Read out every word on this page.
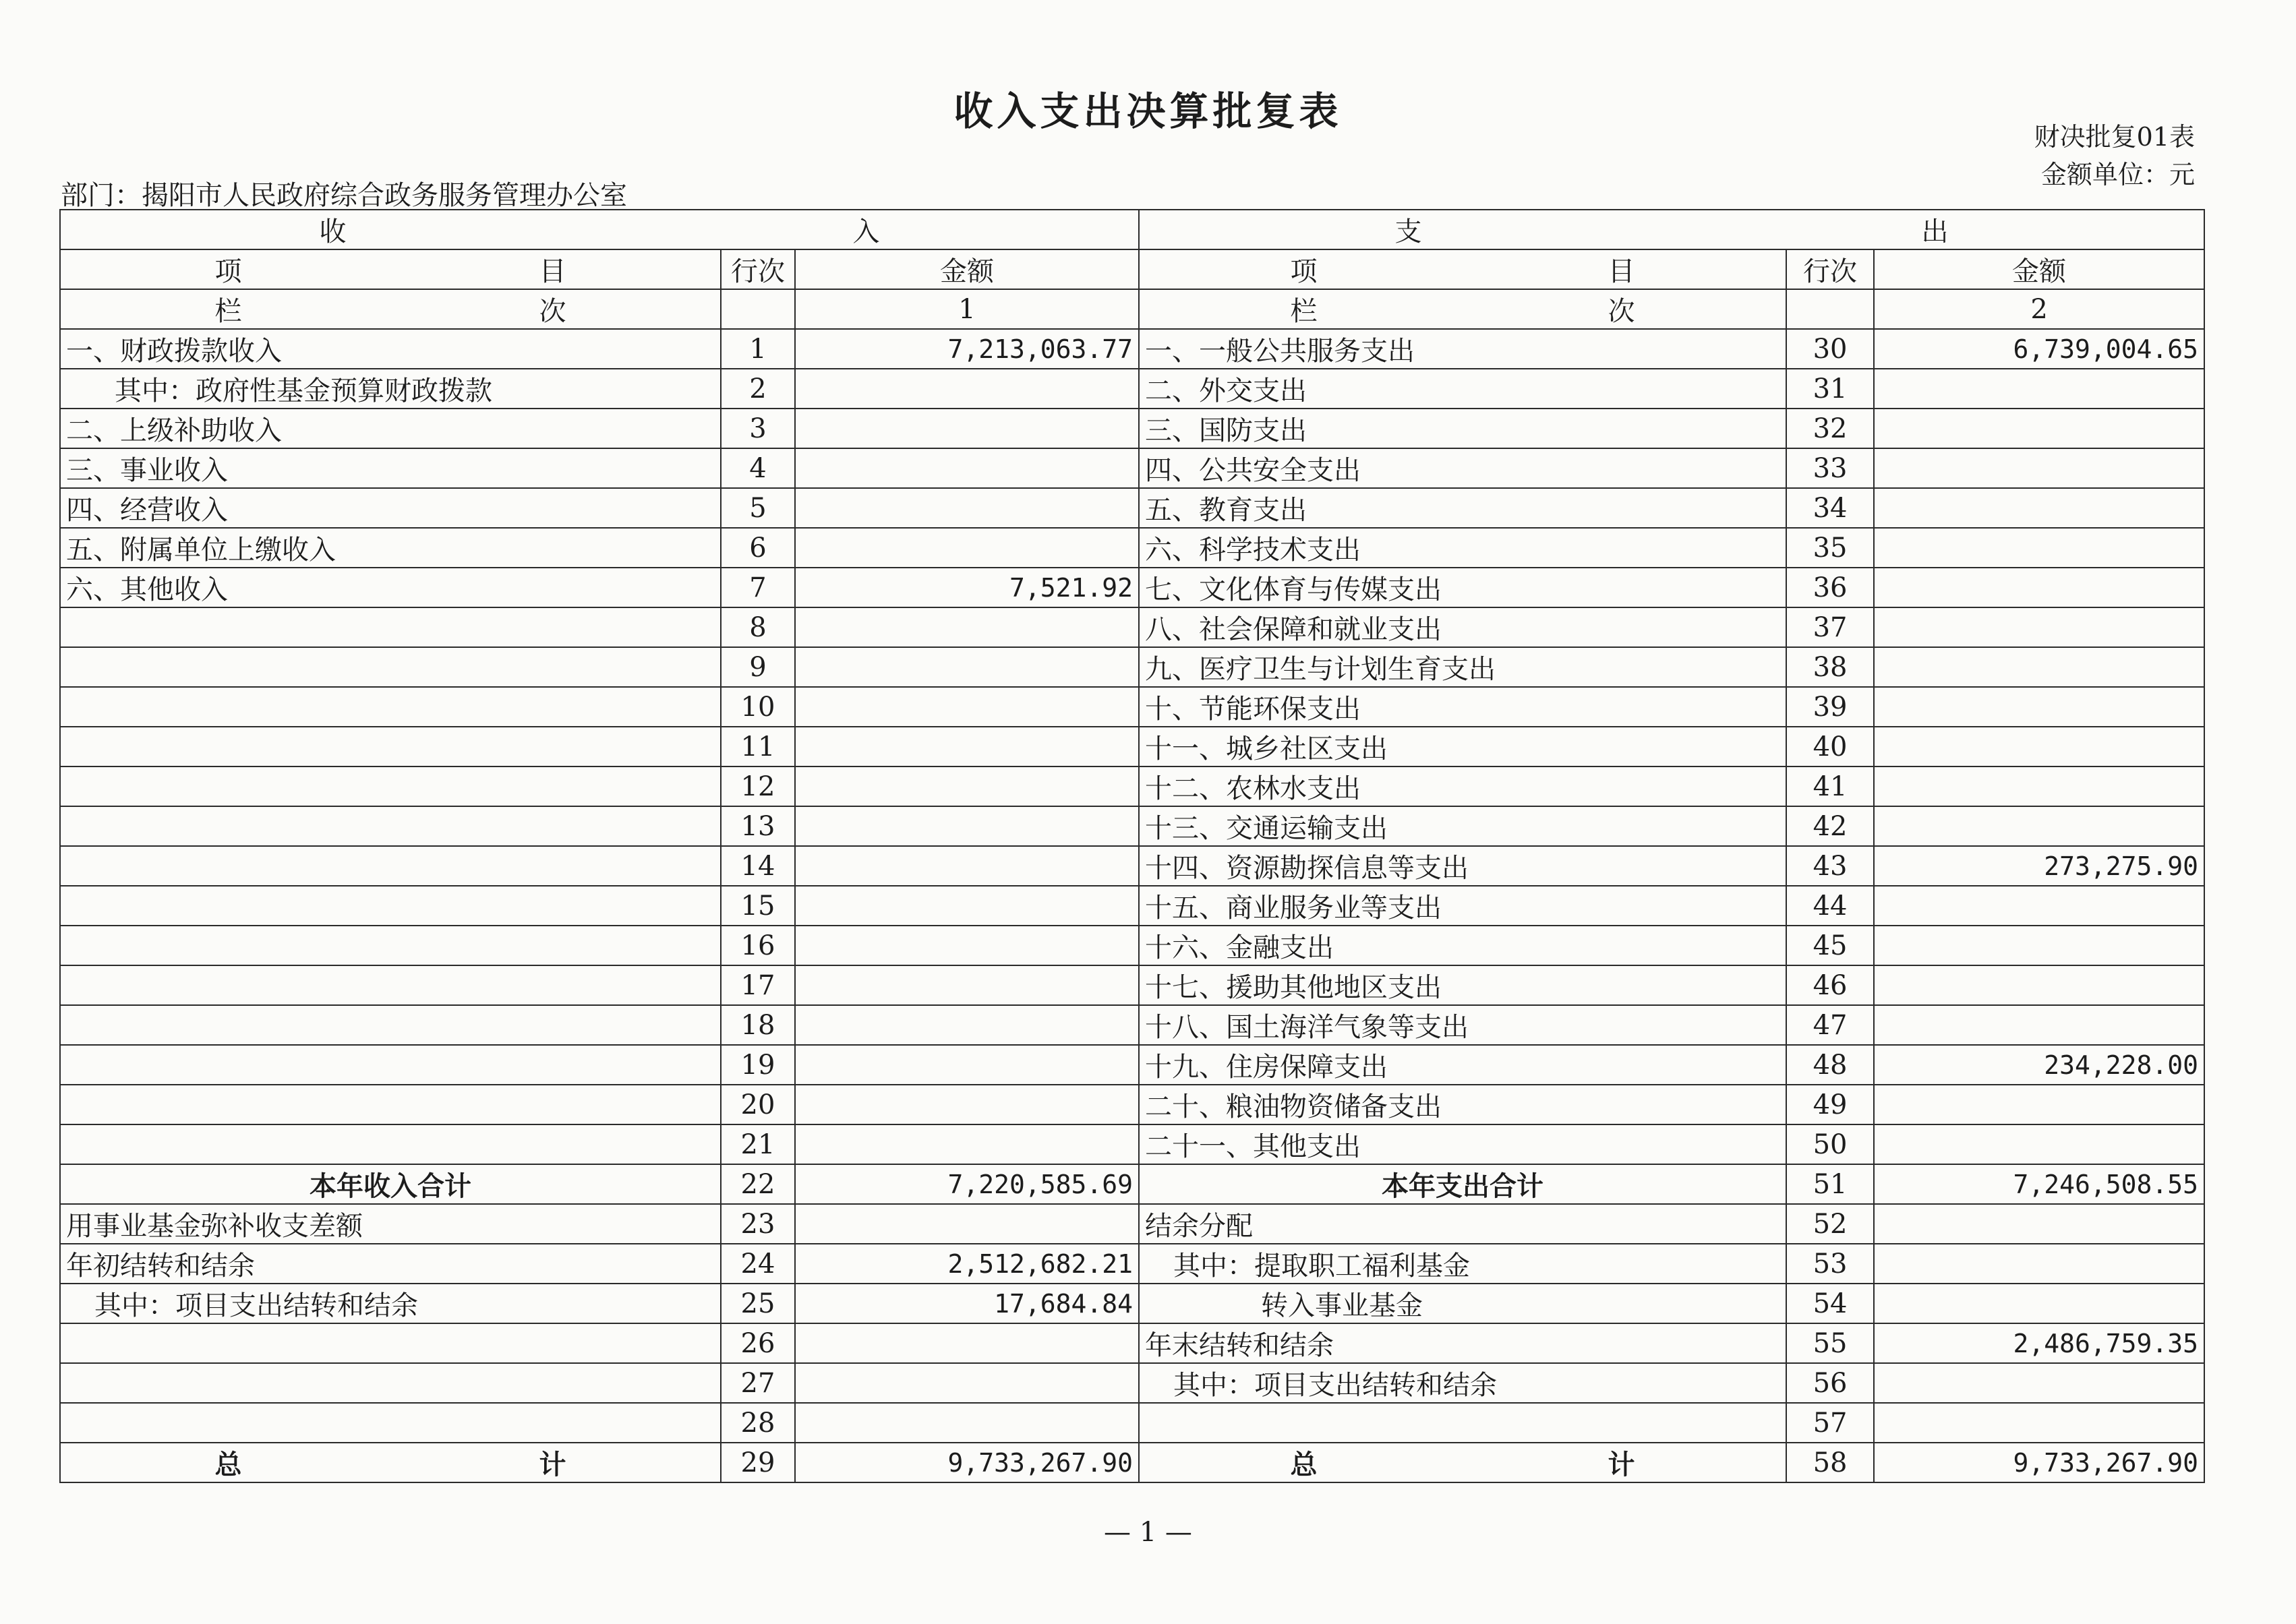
收入支出决算批复表
财决批复01表
金额单位：元
部门：揭阳市人民政府综合政务服务管理办公室
收 入			支 出		

项 目	行次	金额	项 目	行次	金额

栏 次		1	栏 次		2
一、财政拨款收入	1	7,213,063.77	一、一般公共服务支出	30	6,739,004.65
其中：政府性基金预算财政拨款	2		二、外交支出	31	
二、上级补助收入	3		三、国防支出	32	
三、事业收入	4		四、公共安全支出	33	
四、经营收入	5		五、教育支出	34	
五、附属单位上缴收入	6		六、科学技术支出	35	
六、其他收入	7	7,521.92	七、文化体育与传媒支出	36	
	8		八、社会保障和就业支出	37	
	9		九、医疗卫生与计划生育支出	38	
	10		十、节能环保支出	39	
	11		十一、城乡社区支出	40	
	12		十二、农林水支出	41	
	13		十三、交通运输支出	42	
	14		十四、资源勘探信息等支出	43	273,275.90
	15		十五、商业服务业等支出	44	
	16		十六、金融支出	45	
	17		十七、援助其他地区支出	46	
	18		十八、国土海洋气象等支出	47	
	19		十九、住房保障支出	48	234,228.00
	20		二十、粮油物资储备支出	49	
	21		二十一、其他支出	50	
本年收入合计	22	7,220,585.69	本年支出合计	51	7,246,508.55
用事业基金弥补收支差额	23		结余分配	52	
年初结转和结余	24	2,512,682.21	其中：提取职工福利基金	53	
其中：项目支出结转和结余	25	17,684.84	转入事业基金	54	
	26		年末结转和结余	55	2,486,759.35
	27		其中：项目支出结转和结余	56	
	28			57	

总 计	29	9,733,267.90	总 计	58	9,733,267.90
— 1 —
